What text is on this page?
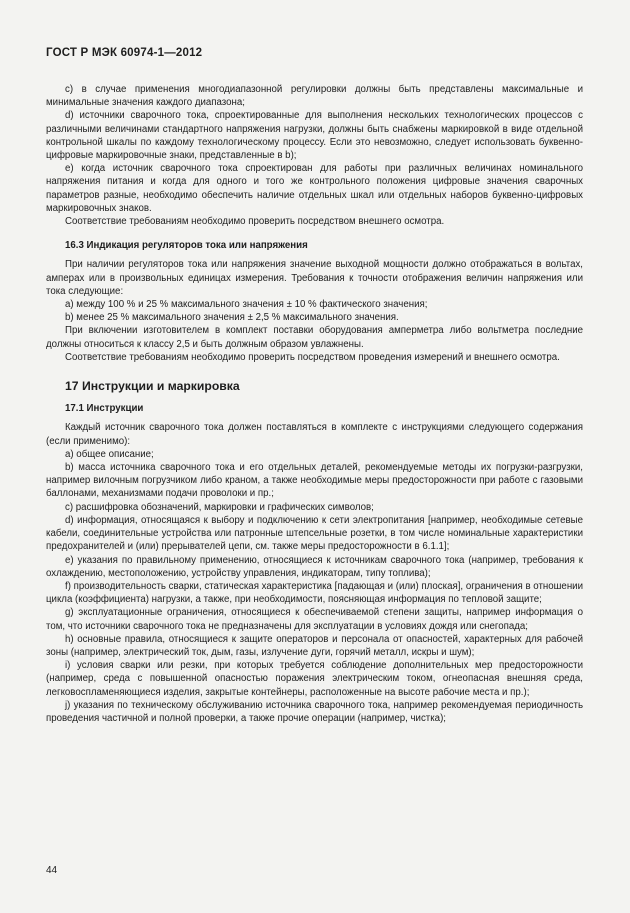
ГОСТ Р МЭК 60974-1—2012

c) в случае применения многодиапазонной регулировки должны быть представлены максимальные и минимальные значения каждого диапазона;

d) источники сварочного тока, спроектированные для выполнения нескольких технологических процессов с различными величинами стандартного напряжения нагрузки, должны быть снабжены маркировкой в виде отдельной контрольной шкалы по каждому технологическому процессу. Если это невозможно, следует использовать буквенно-цифровые маркировочные знаки, представленные в b);

e) когда источник сварочного тока спроектирован для работы при различных величинах номинального напряжения питания и когда для одного и того же контрольного положения цифровые значения сварочных параметров разные, необходимо обеспечить наличие отдельных шкал или отдельных наборов буквенно-цифровых маркировочных знаков.

Соответствие требованиям необходимо проверить посредством внешнего осмотра.

16.3 Индикация регуляторов тока или напряжения

При наличии регуляторов тока или напряжения значение выходной мощности должно отображаться в вольтах, амперах или в произвольных единицах измерения. Требования к точности отображения величин напряжения или тока следующие:

a) между 100 % и 25 % максимального значения ± 10 % фактического значения;

b) менее 25 % максимального значения ± 2,5 % максимального значения.

При включении изготовителем в комплект поставки оборудования амперметра либо вольтметра последние должны относиться к классу 2,5 и быть должным образом увлажнены.

Соответствие требованиям необходимо проверить посредством проведения измерений и внешнего осмотра.

17 Инструкции и маркировка

17.1 Инструкции

Каждый источник сварочного тока должен поставляться в комплекте с инструкциями следующего содержания (если применимо):

a) общее описание;

b) масса источника сварочного тока и его отдельных деталей, рекомендуемые методы их погрузки-разгрузки, например вилочным погрузчиком либо краном, а также необходимые меры предосторожности при работе с газовыми баллонами, механизмами подачи проволоки и пр.;

c) расшифровка обозначений, маркировки и графических символов;

d) информация, относящаяся к выбору и подключению к сети электропитания [например, необходимые сетевые кабели, соединительные устройства или патронные штепсельные розетки, в том числе номинальные характеристики предохранителей и (или) прерывателей цепи, см. также меры предосторожности в 6.1.1];

e) указания по правильному применению, относящиеся к источникам сварочного тока (например, требования к охлаждению, местоположению, устройству управления, индикаторам, типу топлива);

f) производительность сварки, статическая характеристика [падающая и (или) плоская], ограничения в отношении цикла (коэффициента) нагрузки, а также, при необходимости, поясняющая информация по тепловой защите;

g) эксплуатационные ограничения, относящиеся к обеспечиваемой степени защиты, например информация о том, что источники сварочного тока не предназначены для эксплуатации в условиях дождя или снегопада;

h) основные правила, относящиеся к защите операторов и персонала от опасностей, характерных для рабочей зоны (например, электрический ток, дым, газы, излучение дуги, горячий металл, искры и шум);

i) условия сварки или резки, при которых требуется соблюдение дополнительных мер предосторожности (например, среда с повышенной опасностью поражения электрическим током, огнеопасная внешняя среда, легковоспламеняющиеся изделия, закрытые контейнеры, расположенные на высоте рабочие места и пр.);

j) указания по техническому обслуживанию источника сварочного тока, например рекомендуемая периодичность проведения частичной и полной проверки, а также прочие операции (например, чистка);

44
